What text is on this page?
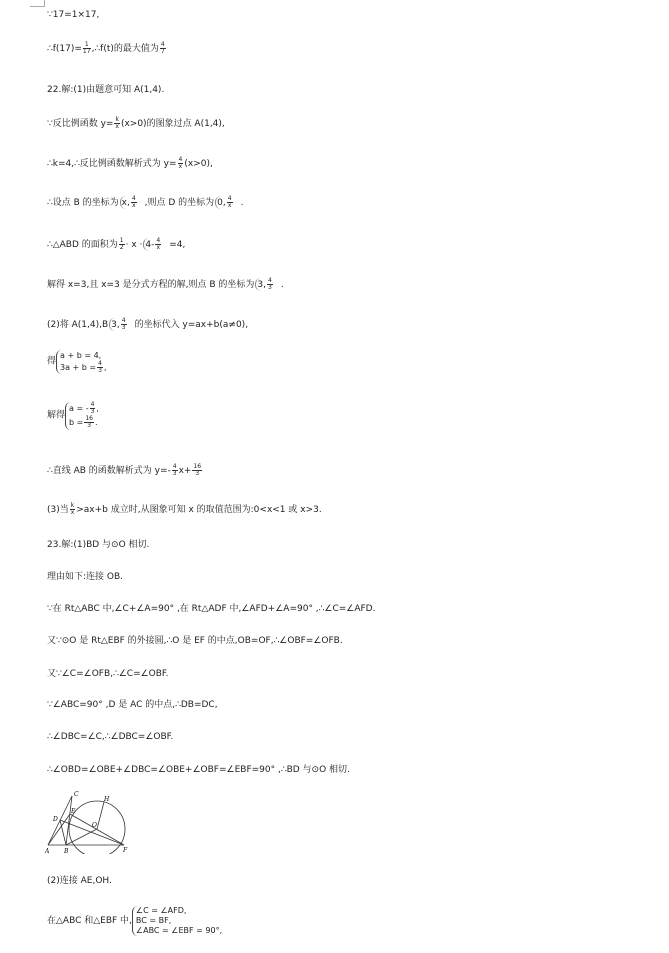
∵17=1×17,
∴f(17)= $\frac{1}{17}$ ,∴f(t)的最大值为 $\frac{4}{7}$
22.解:(1)由题意可知 A(1,4).
∵反比例函数 $y= \frac{k}{x} (x>0)$的图象过点 A(1,4),
∴k=4,∴反比例函数解析式为 $y= \frac{4}{x} (x>0)$,
∴设点 B 的坐标为 x, $\frac{4}{x}$ ,则点 D 的坐标为 0, $\frac{4}{x}$ .
∴△ABD 的面积为 $\frac{1}{2} \cdot x \cdot 4- \frac{4}{x} =4$,
解得 x=3,且 x=3 是分式方程的解,则点 B 的坐标为 3, $\frac{4}{3}$ .
(2)将 A(1,4),B 3, $\frac{4}{3}$ 的坐标代入 y=ax+b(a≠0),
得a + b = 4,
$3a + b = \frac{4}{3}$ ,
解得a = - $\frac{4}{3}$ ,
$b = \frac{16}{3}$ .
∴直线 AB 的函数解析式为 $y=- \frac{4}{3} x+ \frac{16}{3}$
(3)当 $\frac{k}{x} >ax+b$ 成立时,从图象可知 x 的取值范围为:0<x<1 或 x>3.
23.解:(1)BD 与⊙O 相切.
理由如下:连接 OB.
∵在 Rt△ABC 中,∠C+∠A=90° ,在 Rt△ADF 中,∠AFD+∠A=90° ,∴∠C=∠AFD.
又∵⊙O 是 Rt△EBF 的外接圆,∴O 是 EF 的中点,OB=OF,∴∠OBF=∠OFB.
又∵∠C=∠OFB,∴∠C=∠OBF.
∵∠ABC=90° ,D 是 AC 的中点,∴DB=DC,
∴∠DBC=∠C,∴∠DBC=∠OBF.
∴∠OBD=∠OBE+∠DBC=∠OBE+∠OBF=∠EBF=90° ,∴BD 与⊙O 相切.
C
D
H
O
E
A B	F
(2)连接 AE,OH.
在△ABC 和△EBF 中,∠C = ∠AFD,
BC = BF,
∠ABC = ∠EBF = 90°,
